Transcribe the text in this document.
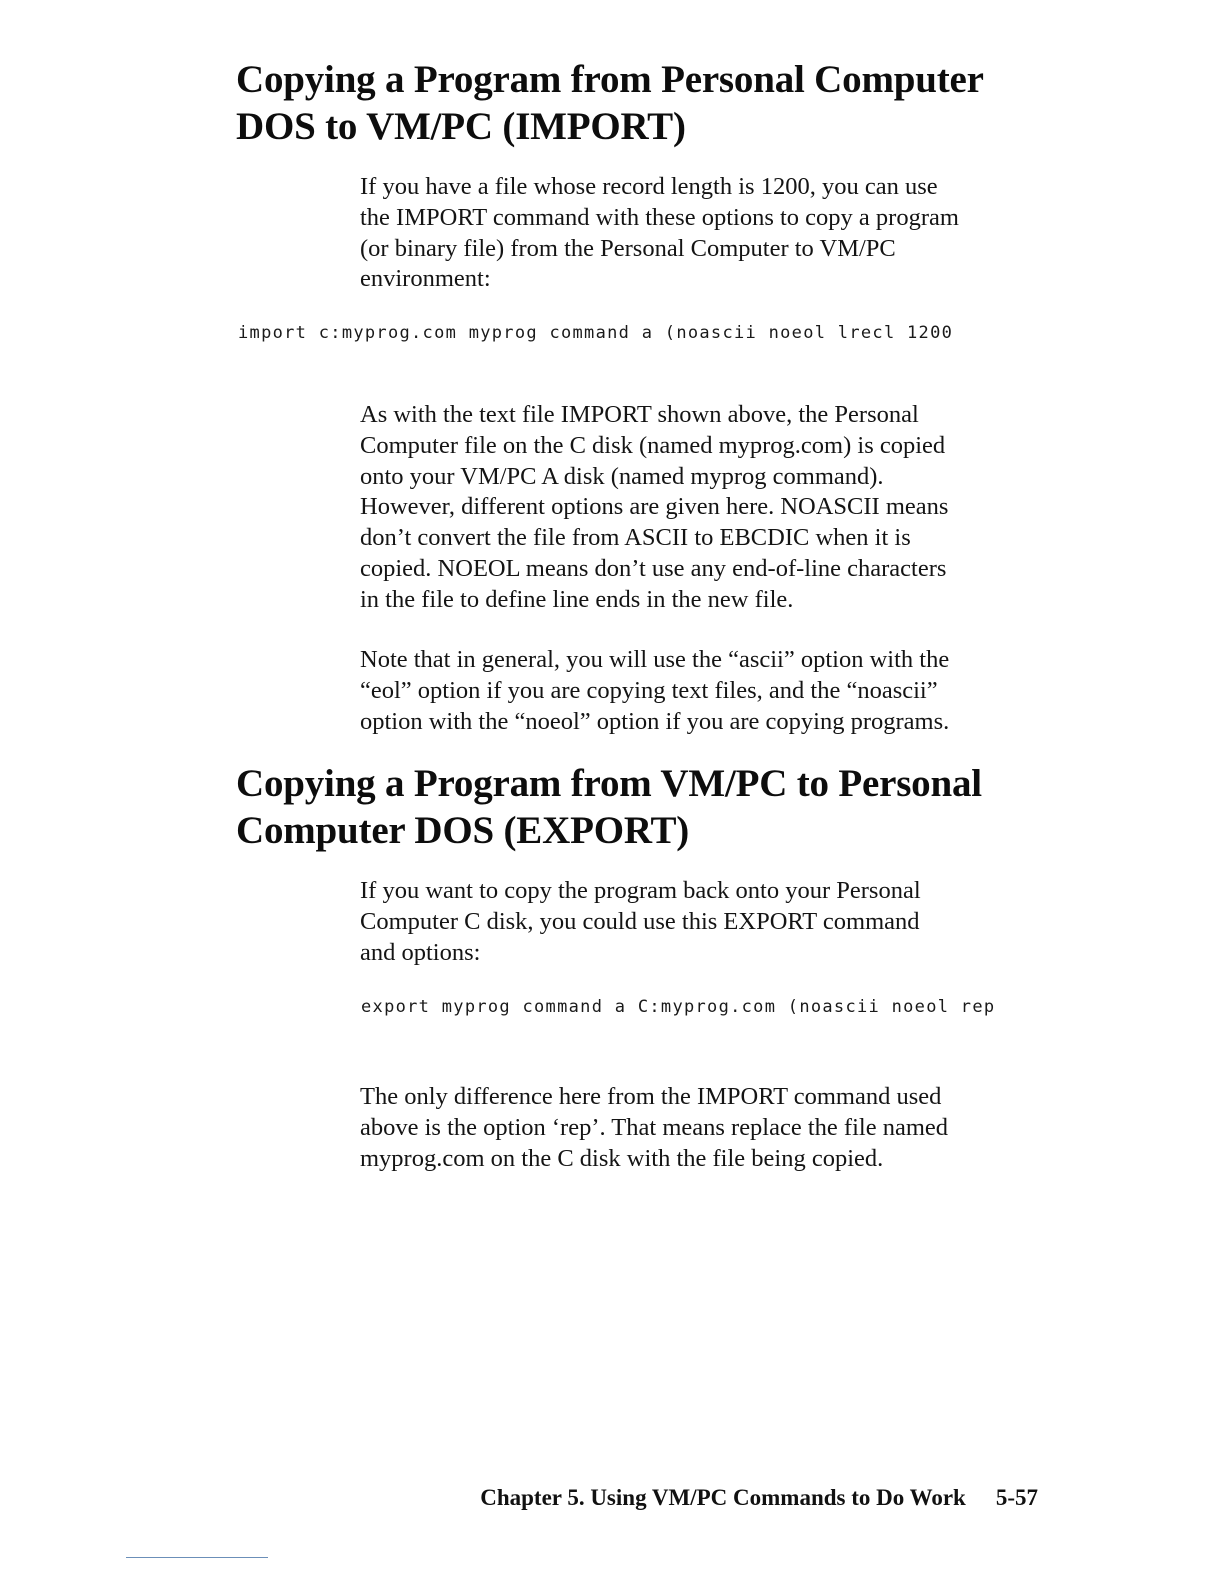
Copying a Program from Personal Computer
DOS to VM/PC (IMPORT)

If you have a file whose record length is 1200, you can use
the IMPORT command with these options to copy a program
(or binary file) from the Personal Computer to VM/PC
environment:

import c:myprog.com myprog command a (noascii noeol lrecl 1200

As with the text file IMPORT shown above, the Personal
Computer file on the C disk (named myprog.com) is copied
onto your VM/PC A disk (named myprog command).
However, different options are given here. NOASCII means
don’t convert the file from ASCII to EBCDIC when it is
copied. NOEOL means don’t use any end-of-line characters
in the file to define line ends in the new file.

Note that in general, you will use the “ascii” option with the
“eol” option if you are copying text files, and the “noascii”
option with the “noeol” option if you are copying programs.

Copying a Program from VM/PC to Personal
Computer DOS (EXPORT)

If you want to copy the program back onto your Personal
Computer C disk, you could use this EXPORT command
and options:

export myprog command a C:myprog.com (noascii noeol rep

The only difference here from the IMPORT command used
above is the option ‘rep’. That means replace the file named
myprog.com on the C disk with the file being copied.

Chapter 5. Using VM/PC Commands to Do Work 5-57
